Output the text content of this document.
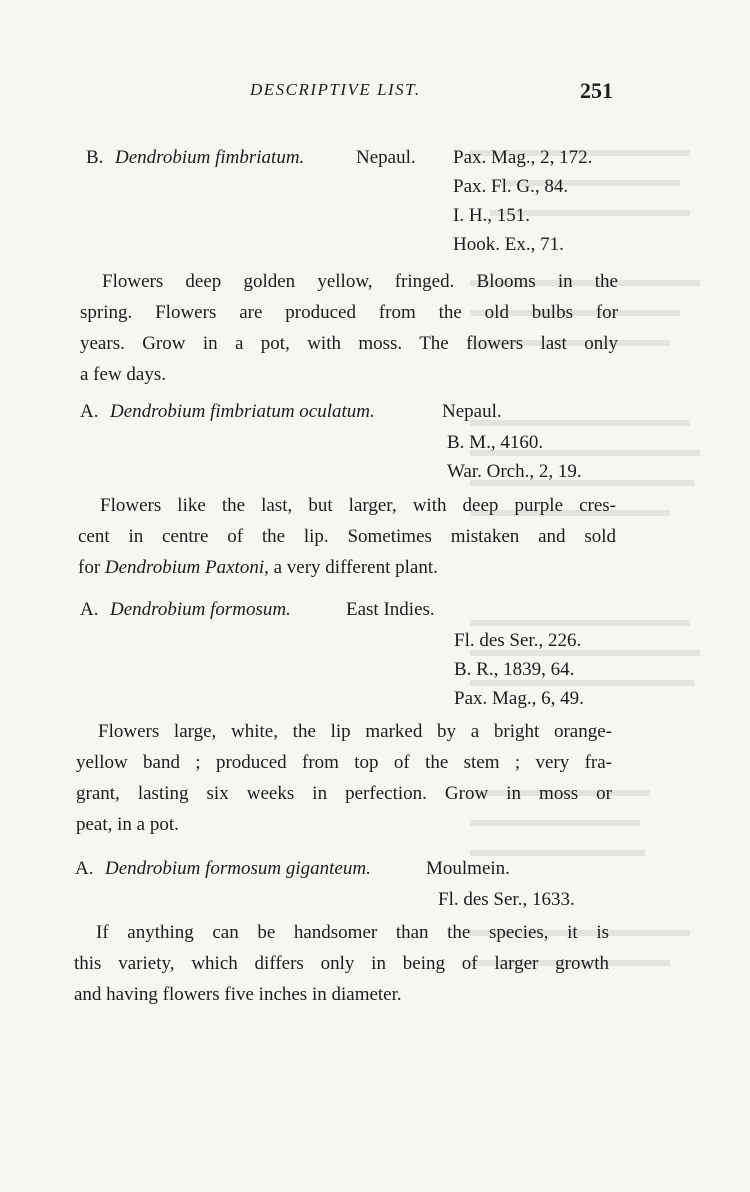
DESCRIPTIVE LIST.	251
B. Dendrobium fimbriatum.	Nepaul. Pax. Mag., 2, 172.
Pax. Fl. G., 84.
I. H., 151.
Hook. Ex., 71.
Flowers deep golden yellow, fringed. Blooms in the
spring. Flowers are produced from the old bulbs for
years. Grow in a pot, with moss. The flowers last only
a few days.
A. Dendrobium fimbriatum oculatum.	Nepaul.
B. M., 4160.
War. Orch., 2, 19.
Flowers like the last, but larger, with deep purple cres-
cent in centre of the lip. Sometimes mistaken and sold
for Dendrobium Paxtoni, a very different plant.
A. Dendrobium formosum.	East Indies.
Fl. des Ser., 226.
B. R., 1839, 64.
Pax. Mag., 6, 49.
Flowers large, white, the lip marked by a bright orange-
yellow band ; produced from top of the stem ; very fra-
grant, lasting six weeks in perfection. Grow in moss or
peat, in a pot.
A. Dendrobium formosum giganteum.	Moulmein.
Fl. des Ser., 1633.
If anything can be handsomer than the species, it is
this variety, which differs only in being of larger growth
and having flowers five inches in diameter.
